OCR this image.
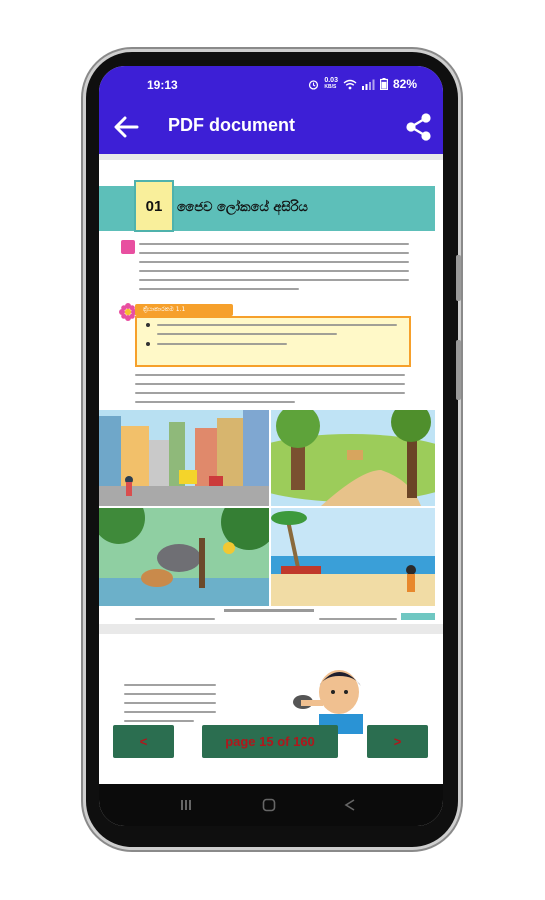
19:13	0.03
KB/S	82%
PDF document
01	ජෛව ලෝකයේ අසිරිය
ක්‍රියාකාරකම 1.1
<	page 15 of 160	>
